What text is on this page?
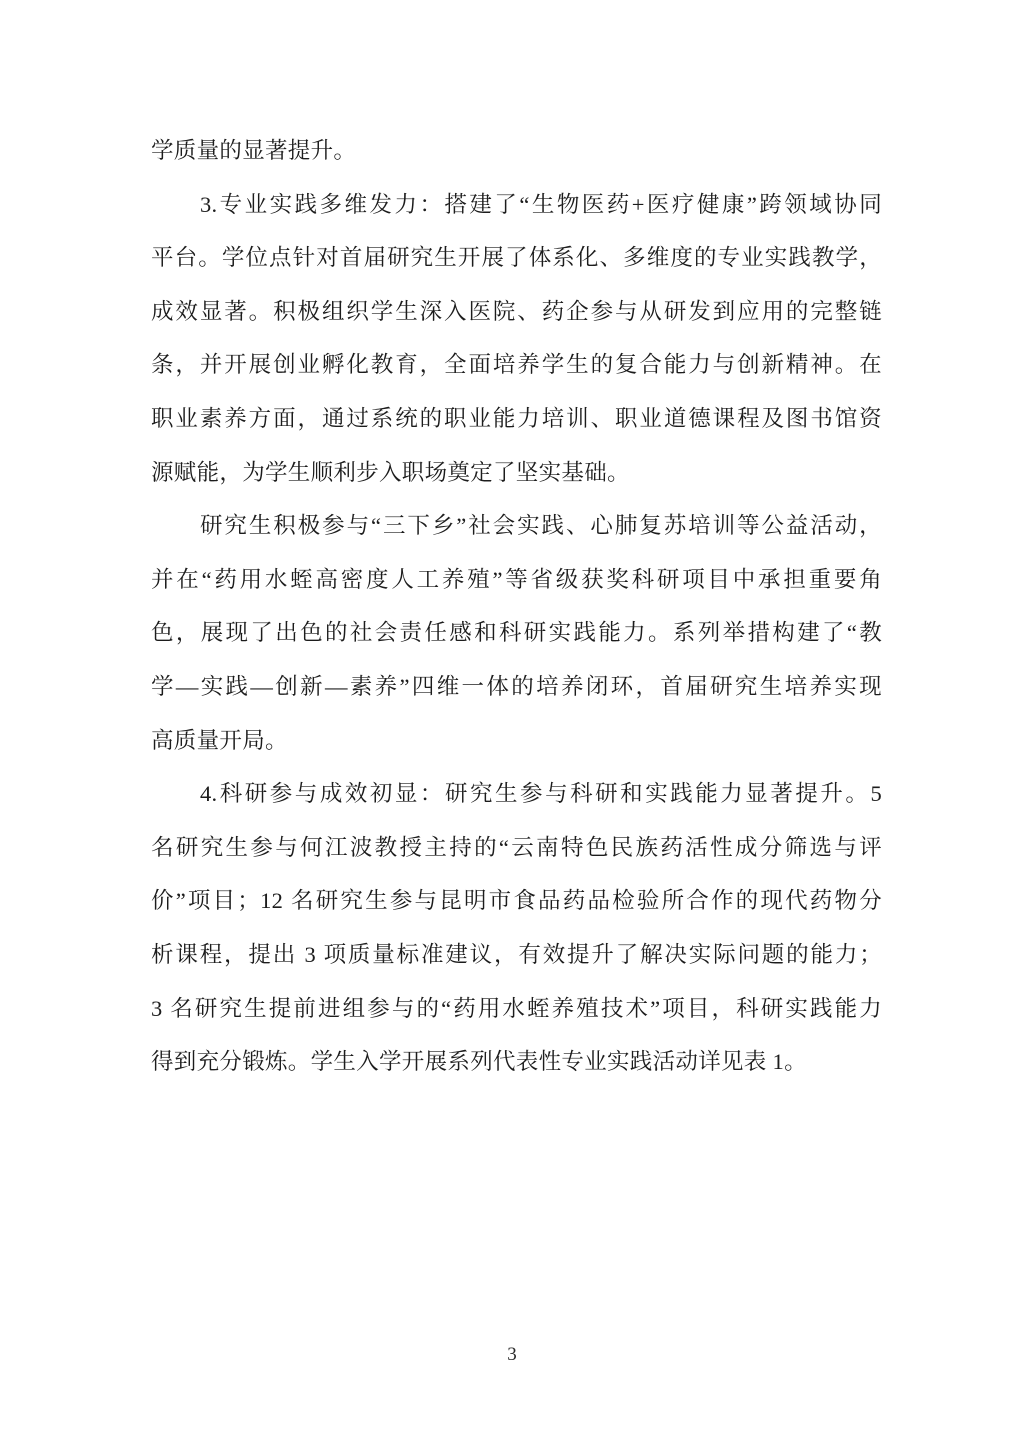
学质量的显著提升。
3.专业实践多维发力：搭建了“生物医药+医疗健康”跨领域协同
平台。学位点针对首届研究生开展了体系化、多维度的专业实践教学，
成效显著。积极组织学生深入医院、药企参与从研发到应用的完整链
条，并开展创业孵化教育，全面培养学生的复合能力与创新精神。在
职业素养方面，通过系统的职业能力培训、职业道德课程及图书馆资
源赋能，为学生顺利步入职场奠定了坚实基础。
研究生积极参与“三下乡”社会实践、心肺复苏培训等公益活动，
并在“药用水蛭高密度人工养殖”等省级获奖科研项目中承担重要角
色，展现了出色的社会责任感和科研实践能力。系列举措构建了“教
学—实践—创新—素养”四维一体的培养闭环，首届研究生培养实现
高质量开局。
4.科研参与成效初显：研究生参与科研和实践能力显著提升。5
名研究生参与何江波教授主持的“云南特色民族药活性成分筛选与评
价”项目；12 名研究生参与昆明市食品药品检验所合作的现代药物分
析课程，提出 3 项质量标准建议，有效提升了解决实际问题的能力；
3 名研究生提前进组参与的“药用水蛭养殖技术”项目，科研实践能力
得到充分锻炼。学生入学开展系列代表性专业实践活动详见表 1。
3
